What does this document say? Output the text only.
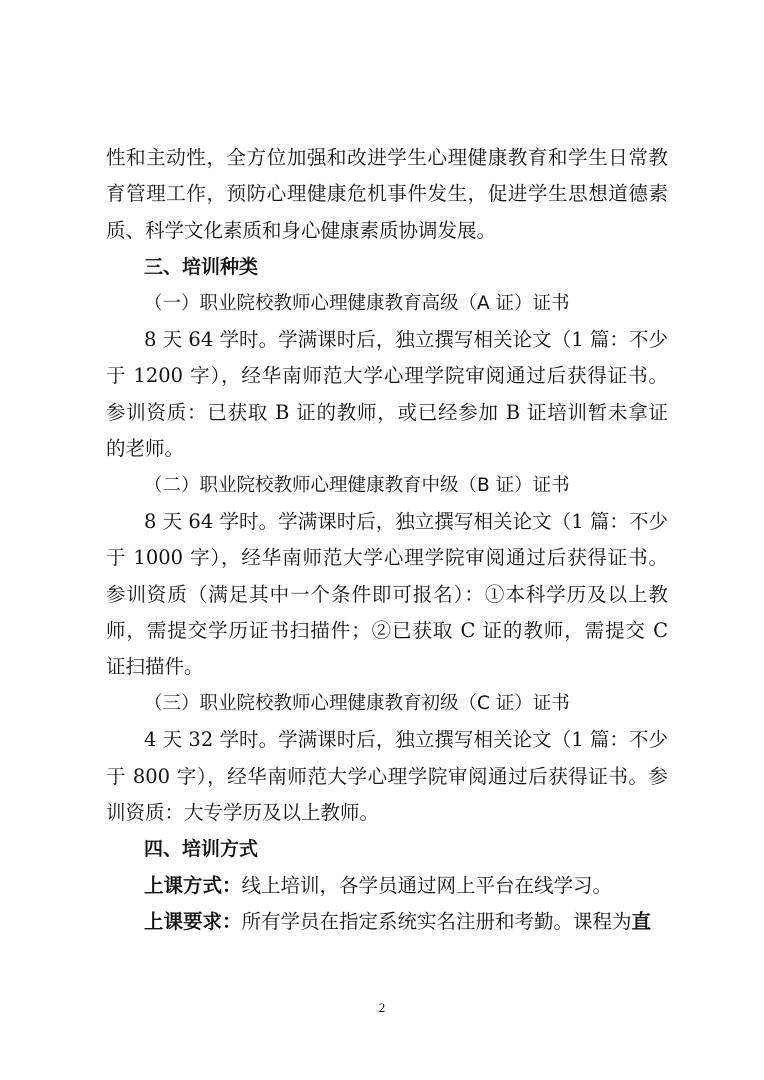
性和主动性，全方位加强和改进学生心理健康教育和学生日常教
育管理工作，预防心理健康危机事件发生，促进学生思想道德素
质、科学文化素质和身心健康素质协调发展。
三、培训种类
（一）职业院校教师心理健康教育高级（A 证）证书
8 天 64 学时。学满课时后，独立撰写相关论文（1 篇：不少
于 1200 字），经华南师范大学心理学院审阅通过后获得证书。
参训资质：已获取 B 证的教师，或已经参加 B 证培训暂未拿证
的老师。
（二）职业院校教师心理健康教育中级（B 证）证书
8 天 64 学时。学满课时后，独立撰写相关论文（1 篇：不少
于 1000 字），经华南师范大学心理学院审阅通过后获得证书。
参训资质（满足其中一个条件即可报名）：①本科学历及以上教
师，需提交学历证书扫描件；②已获取 C 证的教师，需提交 C
证扫描件。
（三）职业院校教师心理健康教育初级（C 证）证书
4 天 32 学时。学满课时后，独立撰写相关论文（1 篇：不少
于 800 字），经华南师范大学心理学院审阅通过后获得证书。参
训资质：大专学历及以上教师。
四、培训方式
上课方式：线上培训，各学员通过网上平台在线学习。
上课要求：所有学员在指定系统实名注册和考勤。课程为直
2
